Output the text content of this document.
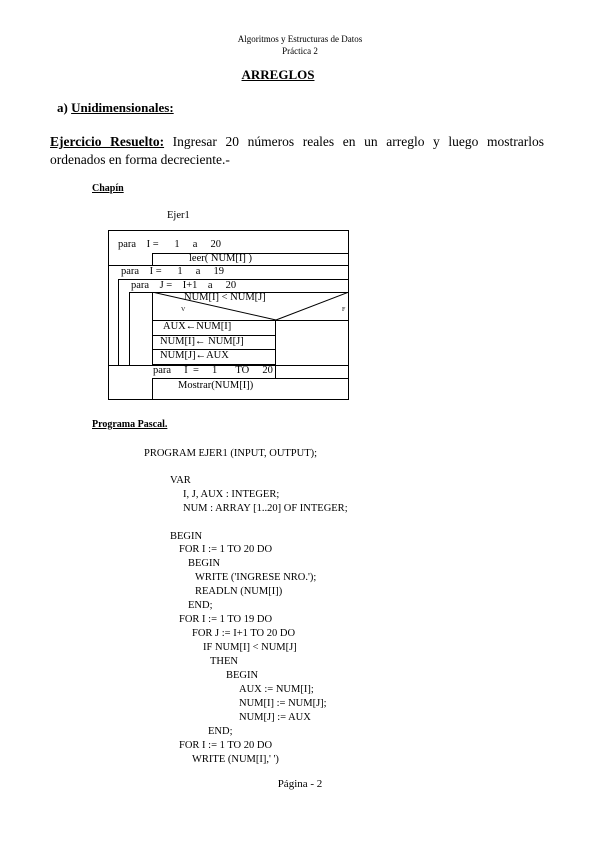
Algoritmos y Estructuras de Datos
Práctica 2
ARREGLOS
a) Unidimensionales:
Ejercicio Resuelto: Ingresar 20 números reales en un arreglo y luego mostrarlos ordenados en forma decreciente.-
Chapín
Ejer1
para    I =      1     a     20
leer( NUM[I] )
para    I =      1     a     19
para    J =    I+1    a     20
NUM[I] < NUM[J]
V	F
AUX←NUM[I]
NUM[I]← NUM[J]
NUM[J]←AUX
para     I  =     1       TO     20
Mostrar(NUM[I])
Programa Pascal.
PROGRAM EJER1 (INPUT, OUTPUT);
VAR
I, J, AUX : INTEGER;
NUM : ARRAY [1..20] OF INTEGER;
BEGIN
FOR I := 1 TO 20 DO
BEGIN
WRITE ('INGRESE NRO.');
READLN (NUM[I])
END;
FOR I := 1 TO 19 DO
FOR J := I+1 TO 20 DO
IF NUM[I] < NUM[J]
THEN
BEGIN
AUX := NUM[I];
NUM[I] := NUM[J];
NUM[J] := AUX
END;
FOR I := 1 TO 20 DO
WRITE (NUM[I],' ')
Página - 2
